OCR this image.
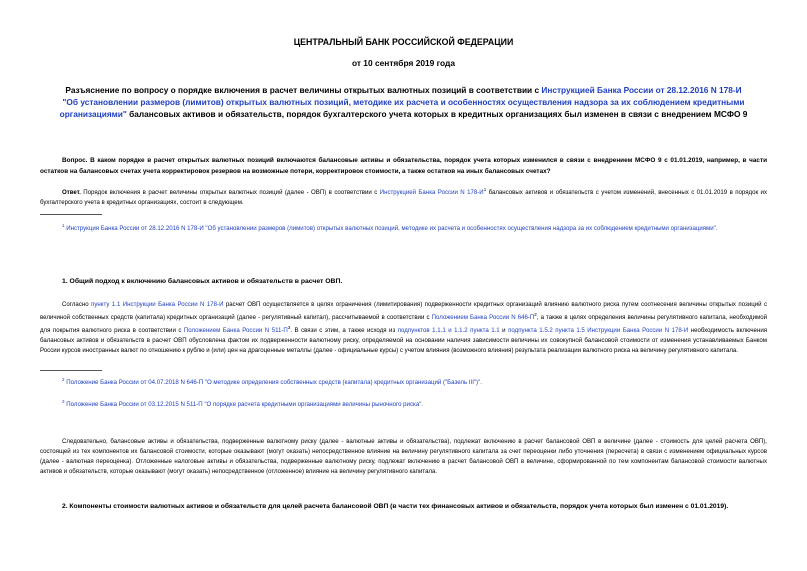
ЦЕНТРАЛЬНЫЙ БАНК РОССИЙСКОЙ ФЕДЕРАЦИИ
от 10 сентября 2019 года
Разъяснение по вопросу о порядке включения в расчет величины открытых валютных позиций в соответствии с Инструкцией Банка России от 28.12.2016 N 178-И
"Об установлении размеров (лимитов) открытых валютных позиций, методике их расчета и особенностях осуществления надзора за их соблюдением кредитными организациями" балансовых активов и обязательств, порядок бухгалтерского учета которых в кредитных организациях был изменен в связи с внедрением МСФО 9
Вопрос. В каком порядке в расчет открытых валютных позиций включаются балансовые активы и обязательства, порядок учета которых изменился в связи с внедрением МСФО 9 с 01.01.2019, например, в части остатков на балансовых счетах учета корректировок резервов на возможные потери, корректировок стоимости, а также остатков на иных балансовых счетах?
Ответ. Порядок включения в расчет величины открытых валютных позиций (далее - ОВП) в соответствии с Инструкцией Банка России N $178-И^1$ балансовых активов и обязательств с учетом изменений, внесенных с 01.01.2019 в порядок их бухгалтерского учета в кредитных организациях, состоит в следующем.
$^1$ Инструкция Банка России от 28.12.2016 N 178-И "Об установлении размеров (лимитов) открытых валютных позиций, методике их расчета и особенностях осуществления надзора за их соблюдением кредитными организациями".
1. Общий подход к включению балансовых активов и обязательств в расчет ОВП.
Согласно пункту 1.1 Инструкции Банка России N 178-И расчет ОВП осуществляется в целях ограничения (лимитирования) подверженности кредитных организаций влиянию валютного риска путем соотнесения величины открытых позиций с величиной собственных средств (капитала) кредитных организаций (далее - регулятивный капитал), рассчитываемой в соответствии с Положением Банка России N $646-П^2$, а также в целях определения величины регулятивного капитала, необходимой для покрытия валютного риска в соответствии с Положением Банка России N $511-П^3$. В связи с этим, а также исходя из подпунктов 1.1.1 и 1.1.2 пункта 1.1 и подпункта 1.5.2 пункта 1.5 Инструкции Банка России N 178-И необходимость включения балансовых активов и обязательств в расчет ОВП обусловлена фактом их подверженности валютному риску, определяемой на основании наличия зависимости величины их совокупной балансовой стоимости от изменения устанавливаемых Банком России курсов иностранных валют по отношению к рублю и (или) цен на драгоценные металлы (далее - официальные курсы) с учетом влияния (возможного влияния) результата реализации валютного риска на величину регулятивного капитала.
$^2$ Положение Банка России от 04.07.2018 N 646-П "О методике определения собственных средств (капитала) кредитных организаций ("Базель III")".
$^3$ Положение Банка России от 03.12.2015 N 511-П "О порядке расчета кредитными организациями величины рыночного риска".
Следовательно, балансовые активы и обязательства, подверженные валютному риску (далее - валютные активы и обязательства), подлежат включению в расчет балансовой ОВП в величине (далее - стоимость для целей расчета ОВП), состоящей из тех компонентов их балансовой стоимости, которые оказывают (могут оказать) непосредственное влияние на величину регулятивного капитала за счет переоценки либо уточнения (пересчета) в связи с изменением официальных курсов (далее - валютная переоценка). Отложенные налоговые активы и обязательства, подверженные валютному риску, подлежат включению в расчет балансовой ОВП в величине, сформированной по тем компонентам балансовой стоимости валютных активов и обязательств, которые оказывают (могут оказать) непосредственное (отложенное) влияние на величину регулятивного капитала.
2. Компоненты стоимости валютных активов и обязательств для целей расчета балансовой ОВП (в части тех финансовых активов и обязательств, порядок учета которых был изменен с 01.01.2019).
